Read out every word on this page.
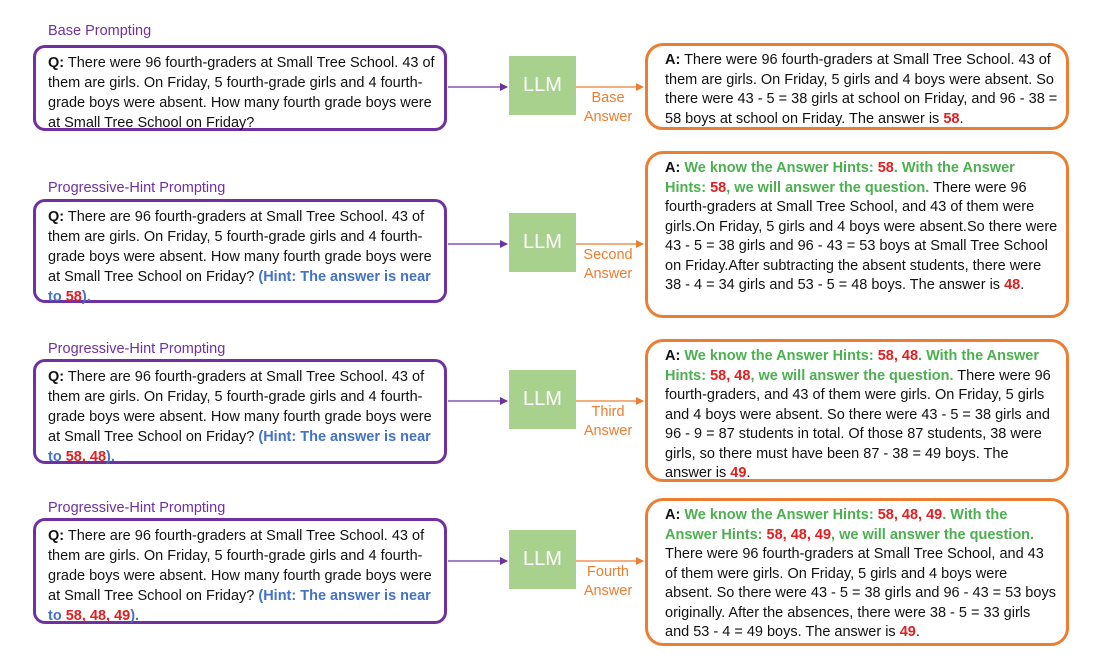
Base Prompting
Q: There were 96 fourth-graders at Small Tree School. 43 of them are girls. On Friday, 5 fourth-grade girls and 4 fourth-grade boys were absent. How many fourth grade boys were at Small Tree School on Friday?
LLM
Base
Answer
A: There were 96 fourth-graders at Small Tree School. 43 of them are girls. On Friday, 5 girls and 4 boys were absent. So there were 43 - 5 = 38 girls at school on Friday, and 96 - 38 = 58 boys at school on Friday. The answer is 58.
Progressive-Hint Prompting
Q: There are 96 fourth-graders at Small Tree School. 43 of them are girls. On Friday, 5 fourth-grade girls and 4 fourth-grade boys were absent. How many fourth grade boys were at Small Tree School on Friday? (Hint: The answer is near to 58).
LLM
Second
Answer
A: We know the Answer Hints: 58. With the Answer Hints: 58, we will answer the question. There were 96 fourth-graders at Small Tree School, and 43 of them were girls.On Friday, 5 girls and 4 boys were absent.So there were 43 - 5 = 38 girls and 96 - 43 = 53 boys at Small Tree School on Friday.After subtracting the absent students, there were 38 - 4 = 34 girls and 53 - 5 = 48 boys. The answer is 48.
Progressive-Hint Prompting
Q: There are 96 fourth-graders at Small Tree School. 43 of them are girls. On Friday, 5 fourth-grade girls and 4 fourth-grade boys were absent. How many fourth grade boys were at Small Tree School on Friday? (Hint: The answer is near to 58, 48).
LLM
Third
Answer
A: We know the Answer Hints: 58, 48. With the Answer Hints: 58, 48, we will answer the question. There were 96 fourth-graders, and 43 of them were girls. On Friday, 5 girls and 4 boys were absent. So there were 43 - 5 = 38 girls and 96 - 9 = 87 students in total. Of those 87 students, 38 were girls, so there must have been 87 - 38 = 49 boys. The answer is 49.
Progressive-Hint Prompting
Q: There are 96 fourth-graders at Small Tree School. 43 of them are girls. On Friday, 5 fourth-grade girls and 4 fourth-grade boys were absent. How many fourth grade boys were at Small Tree School on Friday? (Hint: The answer is near to 58, 48, 49).
LLM
Fourth
Answer
A: We know the Answer Hints: 58, 48, 49. With the Answer Hints: 58, 48, 49, we will answer the question. There were 96 fourth-graders at Small Tree School, and 43 of them were girls. On Friday, 5 girls and 4 boys were absent. So there were 43 - 5 = 38 girls and 96 - 43 = 53 boys originally. After the absences, there were 38 - 5 = 33 girls and 53 - 4 = 49 boys. The answer is 49.
